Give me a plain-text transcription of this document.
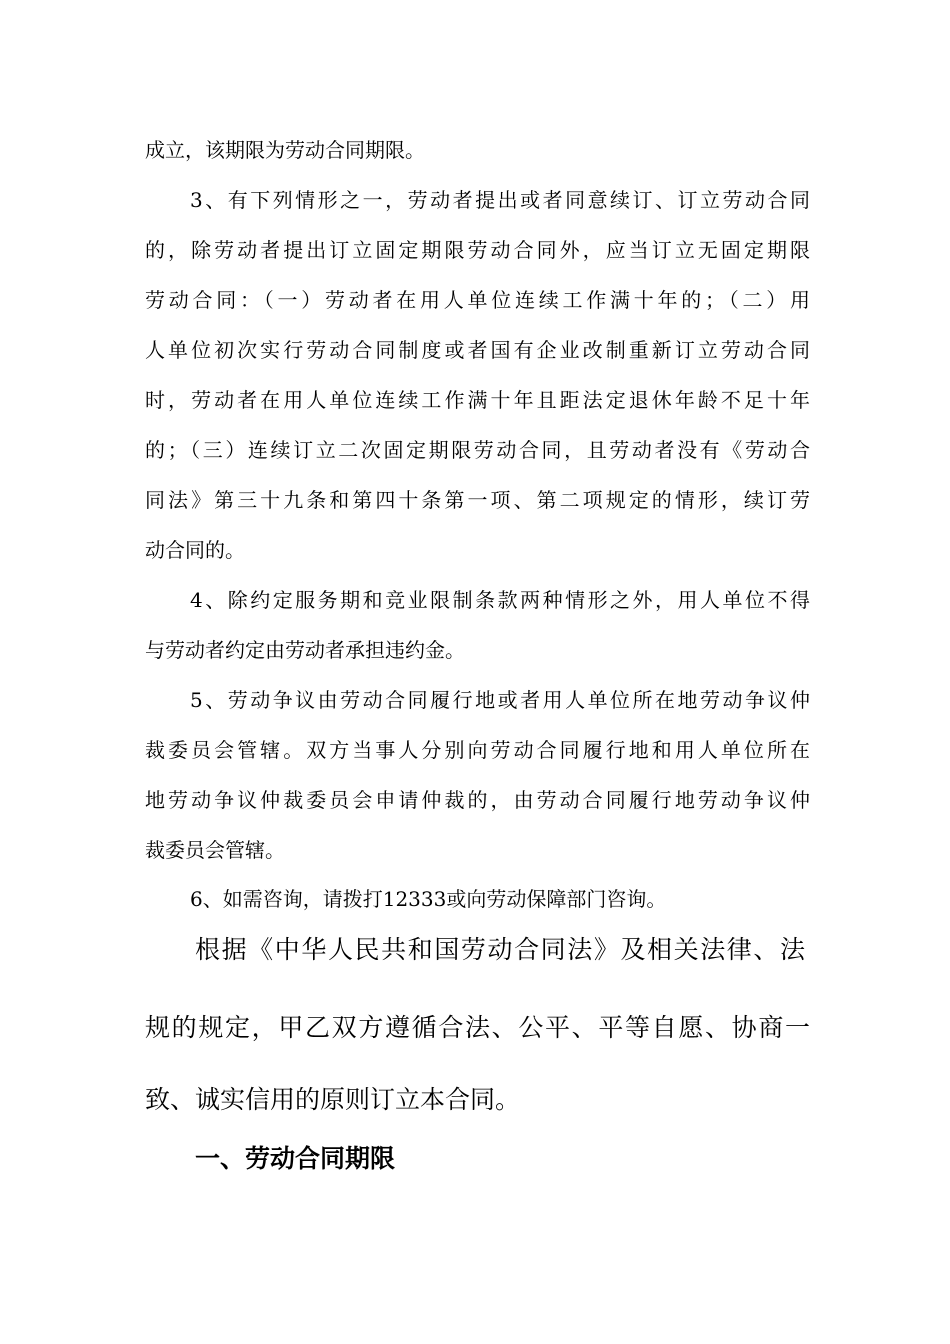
成立，该期限为劳动合同期限。
3、有下列情形之一，劳动者提出或者同意续订、订立劳动合同
的，除劳动者提出订立固定期限劳动合同外，应当订立无固定期限
劳动合同：（一）劳动者在用人单位连续工作满十年的；（二）用
人单位初次实行劳动合同制度或者国有企业改制重新订立劳动合同
时，劳动者在用人单位连续工作满十年且距法定退休年龄不足十年
的；（三）连续订立二次固定期限劳动合同，且劳动者没有《劳动合
同法》第三十九条和第四十条第一项、第二项规定的情形，续订劳
动合同的。
4、除约定服务期和竞业限制条款两种情形之外，用人单位不得
与劳动者约定由劳动者承担违约金。
5、劳动争议由劳动合同履行地或者用人单位所在地劳动争议仲
裁委员会管辖。双方当事人分别向劳动合同履行地和用人单位所在
地劳动争议仲裁委员会申请仲裁的，由劳动合同履行地劳动争议仲
裁委员会管辖。
6、如需咨询，请拨打12333或向劳动保障部门咨询。
根据《中华人民共和国劳动合同法》及相关法律、法
规的规定，甲乙双方遵循合法、公平、平等自愿、协商一
致、诚实信用的原则订立本合同。
一、劳动合同期限
